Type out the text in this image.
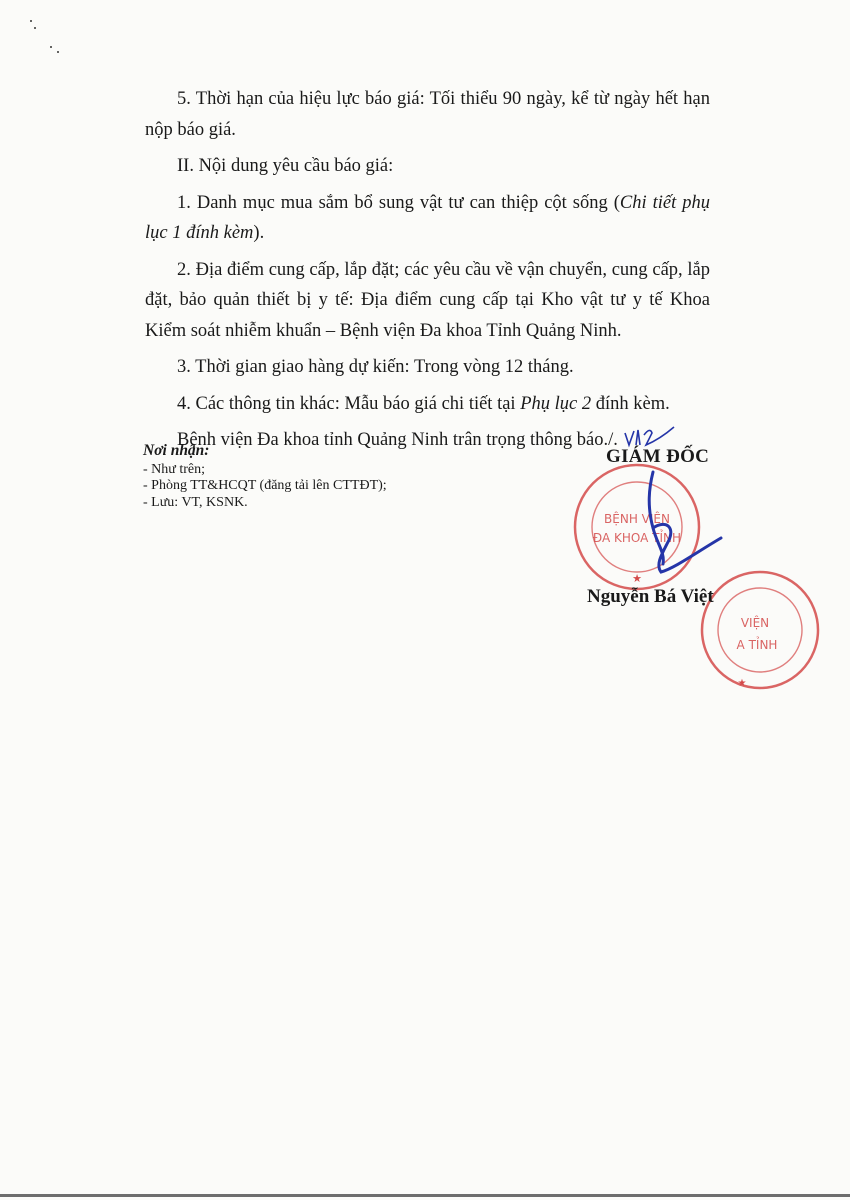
5. Thời hạn của hiệu lực báo giá: Tối thiểu 90 ngày, kể từ ngày hết hạn nộp báo giá.

II. Nội dung yêu cầu báo giá:

1. Danh mục mua sắm bổ sung vật tư can thiệp cột sống (Chi tiết phụ lục 1 đính kèm).

2. Địa điểm cung cấp, lắp đặt; các yêu cầu về vận chuyển, cung cấp, lắp đặt, bảo quản thiết bị y tế: Địa điểm cung cấp tại Kho vật tư y tế Khoa Kiểm soát nhiễm khuẩn – Bệnh viện Đa khoa Tỉnh Quảng Ninh.

3. Thời gian giao hàng dự kiến: Trong vòng 12 tháng.

4. Các thông tin khác: Mẫu báo giá chi tiết tại Phụ lục 2 đính kèm.

Bệnh viện Đa khoa tỉnh Quảng Ninh trân trọng thông báo./.

Nơi nhận:
- Như trên;
- Phòng TT&HCQT (đăng tải lên CTTĐT);
- Lưu: VT, KSNK.
BỆNH VIỆN
ĐA KHOA TỈNH
★
VIỆN
A TỈNH
★
GIÁM ĐỐC
Nguyễn Bá Việt
